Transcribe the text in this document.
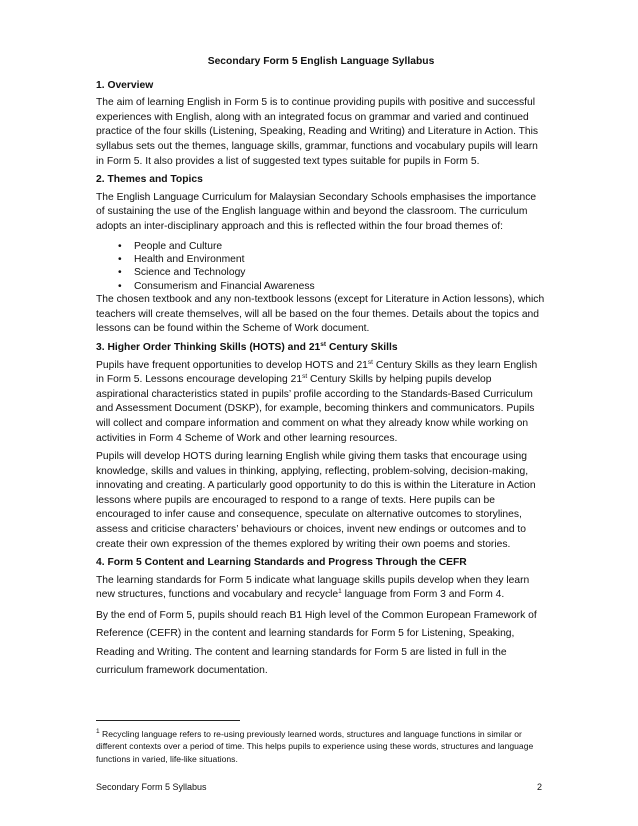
Secondary Form 5 English Language Syllabus
1. Overview

The aim of learning English in Form 5 is to continue providing pupils with positive and successful experiences with English, along with an integrated focus on grammar and varied and continued practice of the four skills (Listening, Speaking, Reading and Writing) and Literature in Action. This syllabus sets out the themes, language skills, grammar, functions and vocabulary pupils will learn in Form 5. It also provides a list of suggested text types suitable for pupils in Form 5.

2. Themes and Topics

The English Language Curriculum for Malaysian Secondary Schools emphasises the importance of sustaining the use of the English language within and beyond the classroom. The curriculum adopts an inter-disciplinary approach and this is reflected within the four broad themes of:

• People and Culture
• Health and Environment
• Science and Technology
• Consumerism and Financial Awareness

The chosen textbook and any non-textbook lessons (except for Literature in Action lessons), which teachers will create themselves, will all be based on the four themes. Details about the topics and lessons can be found within the Scheme of Work document.

3. Higher Order Thinking Skills (HOTS) and 21st Century Skills

Pupils have frequent opportunities to develop HOTS and 21st Century Skills as they learn English in Form 5. Lessons encourage developing 21st Century Skills by helping pupils develop aspirational characteristics stated in pupils’ profile according to the Standards-Based Curriculum and Assessment Document (DSKP), for example, becoming thinkers and communicators. Pupils will collect and compare information and comment on what they already know while working on activities in Form 4 Scheme of Work and other learning resources.

Pupils will develop HOTS during learning English while giving them tasks that encourage using knowledge, skills and values in thinking, applying, reflecting, problem-solving, decision-making, innovating and creating. A particularly good opportunity to do this is within the Literature in Action lessons where pupils are encouraged to respond to a range of texts. Here pupils can be encouraged to infer cause and consequence, speculate on alternative outcomes to storylines, assess and criticise characters’ behaviours or choices, invent new endings or outcomes and to create their own expression of the themes explored by writing their own poems and stories.

4. Form 5 Content and Learning Standards and Progress Through the CEFR

The learning standards for Form 5 indicate what language skills pupils develop when they learn new structures, functions and vocabulary and recycle$^1$ language from Form 3 and Form 4.

By the end of Form 5, pupils should reach B1 High level of the Common European Framework of Reference (CEFR) in the content and learning standards for Form 5 for Listening, Speaking, Reading and Writing. The content and learning standards for Form 5 are listed in full in the curriculum framework documentation.

$^1$ Recycling language refers to re-using previously learned words, structures and language functions in similar or different contexts over a period of time. This helps pupils to experience using these words, structures and language functions in varied, life-like situations.
Secondary Form 5 Syllabus	2
